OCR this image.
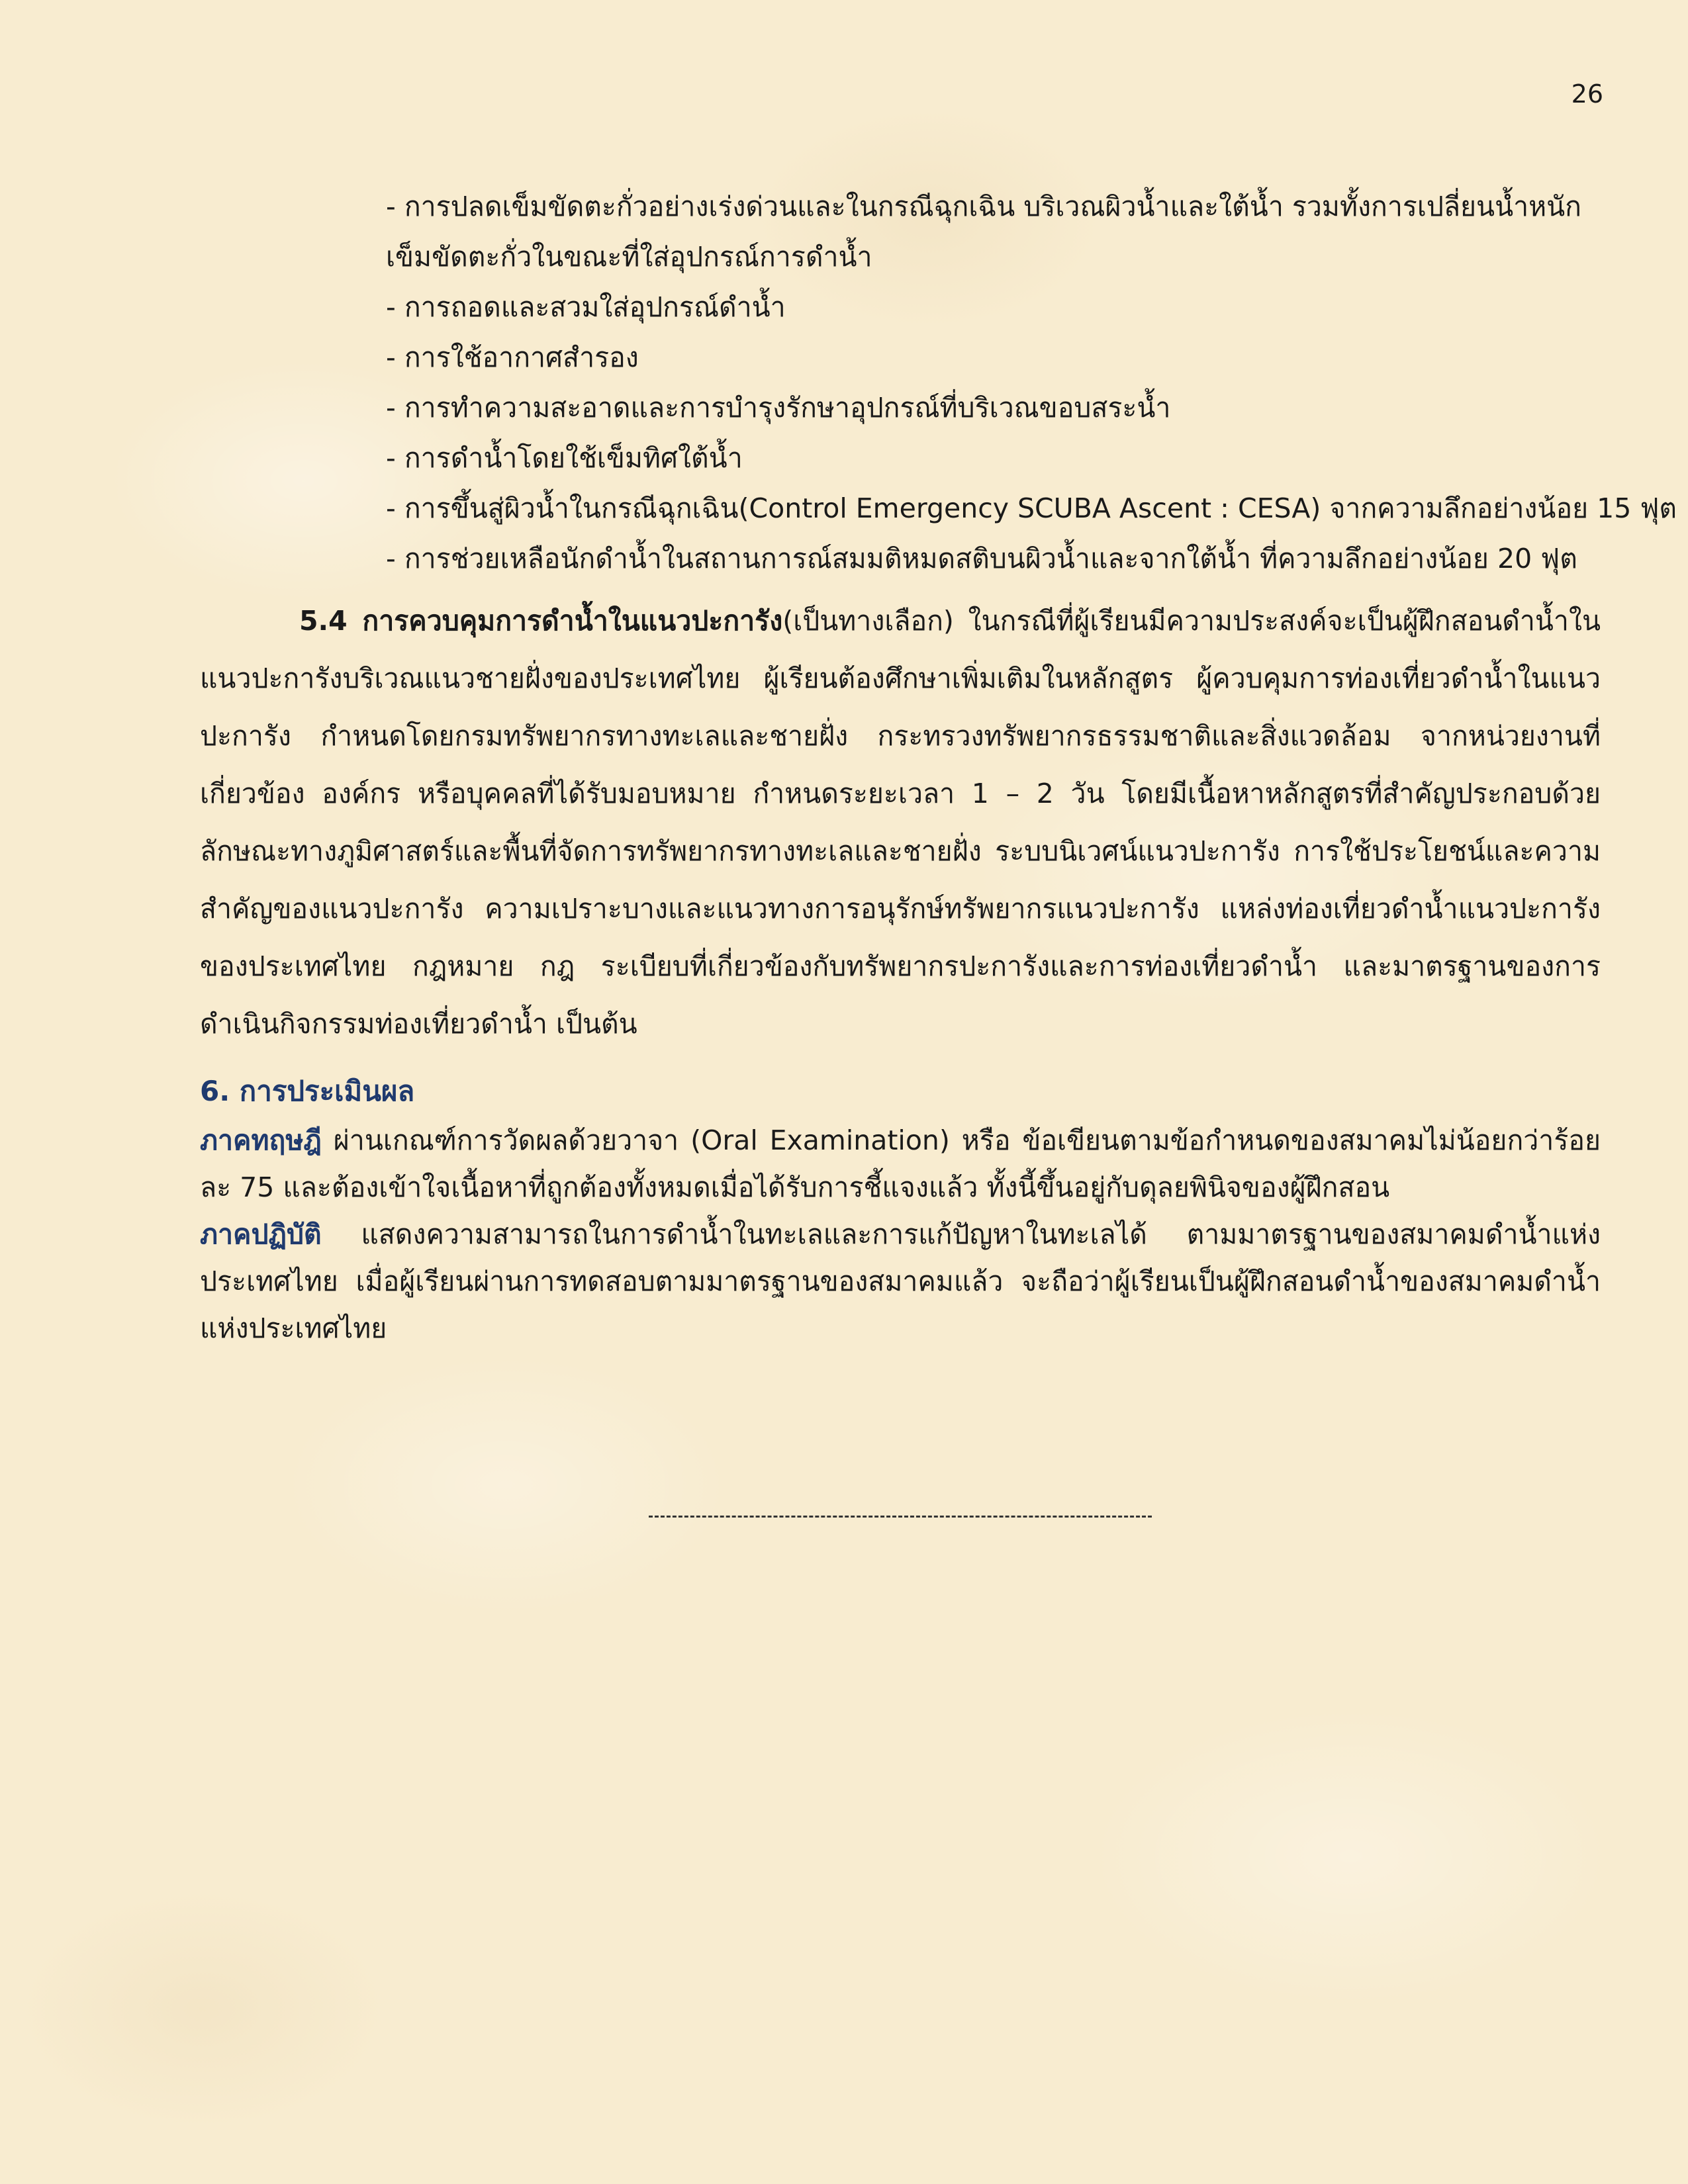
26
- การปลดเข็มขัดตะกั่วอย่างเร่งด่วนและในกรณีฉุกเฉิน บริเวณผิวน้ำและใต้น้ำ รวมทั้งการเปลี่ยนน้ำหนัก
เข็มขัดตะกั่วในขณะที่ใส่อุปกรณ์การดำน้ำ
- การถอดและสวมใส่อุปกรณ์ดำน้ำ
- การใช้อากาศสำรอง
- การทำความสะอาดและการบำรุงรักษาอุปกรณ์ที่บริเวณขอบสระน้ำ
- การดำน้ำโดยใช้เข็มทิศใต้น้ำ
- การขึ้นสู่ผิวน้ำในกรณีฉุกเฉิน(Control Emergency SCUBA Ascent : CESA) จากความลึกอย่างน้อย 15 ฟุต
- การช่วยเหลือนักดำน้ำในสถานการณ์สมมติหมดสติบนผิวน้ำและจากใต้น้ำ ที่ความลึกอย่างน้อย 20 ฟุต
5.4 การควบคุมการดำน้ำในแนวปะการัง(เป็นทางเลือก) ในกรณีที่ผู้เรียนมีความประสงค์จะเป็นผู้ฝึกสอนดำน้ำในแนวปะการังบริเวณแนวชายฝั่งของประเทศไทย ผู้เรียนต้องศึกษาเพิ่มเติมในหลักสูตร ผู้ควบคุมการท่องเที่ยวดำน้ำในแนวปะการัง กำหนดโดยกรมทรัพยากรทางทะเลและชายฝั่ง กระทรวงทรัพยากรธรรมชาติและสิ่งแวดล้อม จากหน่วยงานที่เกี่ยวข้อง องค์กร หรือบุคคลที่ได้รับมอบหมาย กำหนดระยะเวลา 1 – 2 วัน โดยมีเนื้อหาหลักสูตรที่สำคัญประกอบด้วย ลักษณะทางภูมิศาสตร์และพื้นที่จัดการทรัพยากรทางทะเลและชายฝั่ง ระบบนิเวศน์แนวปะการัง การใช้ประโยชน์และความสำคัญของแนวปะการัง ความเปราะบางและแนวทางการอนุรักษ์ทรัพยากรแนวปะการัง แหล่งท่องเที่ยวดำน้ำแนวปะการังของประเทศไทย กฎหมาย กฎ ระเบียบที่เกี่ยวข้องกับทรัพยากรปะการังและการท่องเที่ยวดำน้ำ และมาตรฐานของการดำเนินกิจกรรมท่องเที่ยวดำน้ำ เป็นต้น
6. การประเมินผล
ภาคทฤษฎี ผ่านเกณฑ์การวัดผลด้วยวาจา (Oral Examination) หรือ ข้อเขียนตามข้อกำหนดของสมาคมไม่น้อยกว่าร้อยละ 75 และต้องเข้าใจเนื้อหาที่ถูกต้องทั้งหมดเมื่อได้รับการชี้แจงแล้ว ทั้งนี้ขึ้นอยู่กับดุลยพินิจของผู้ฝึกสอน
ภาคปฏิบัติ แสดงความสามารถในการดำน้ำในทะเลและการแก้ปัญหาในทะเลได้ ตามมาตรฐานของสมาคมดำน้ำแห่งประเทศไทย เมื่อผู้เรียนผ่านการทดสอบตามมาตรฐานของสมาคมแล้ว จะถือว่าผู้เรียนเป็นผู้ฝึกสอนดำน้ำของสมาคมดำน้ำแห่งประเทศไทย
